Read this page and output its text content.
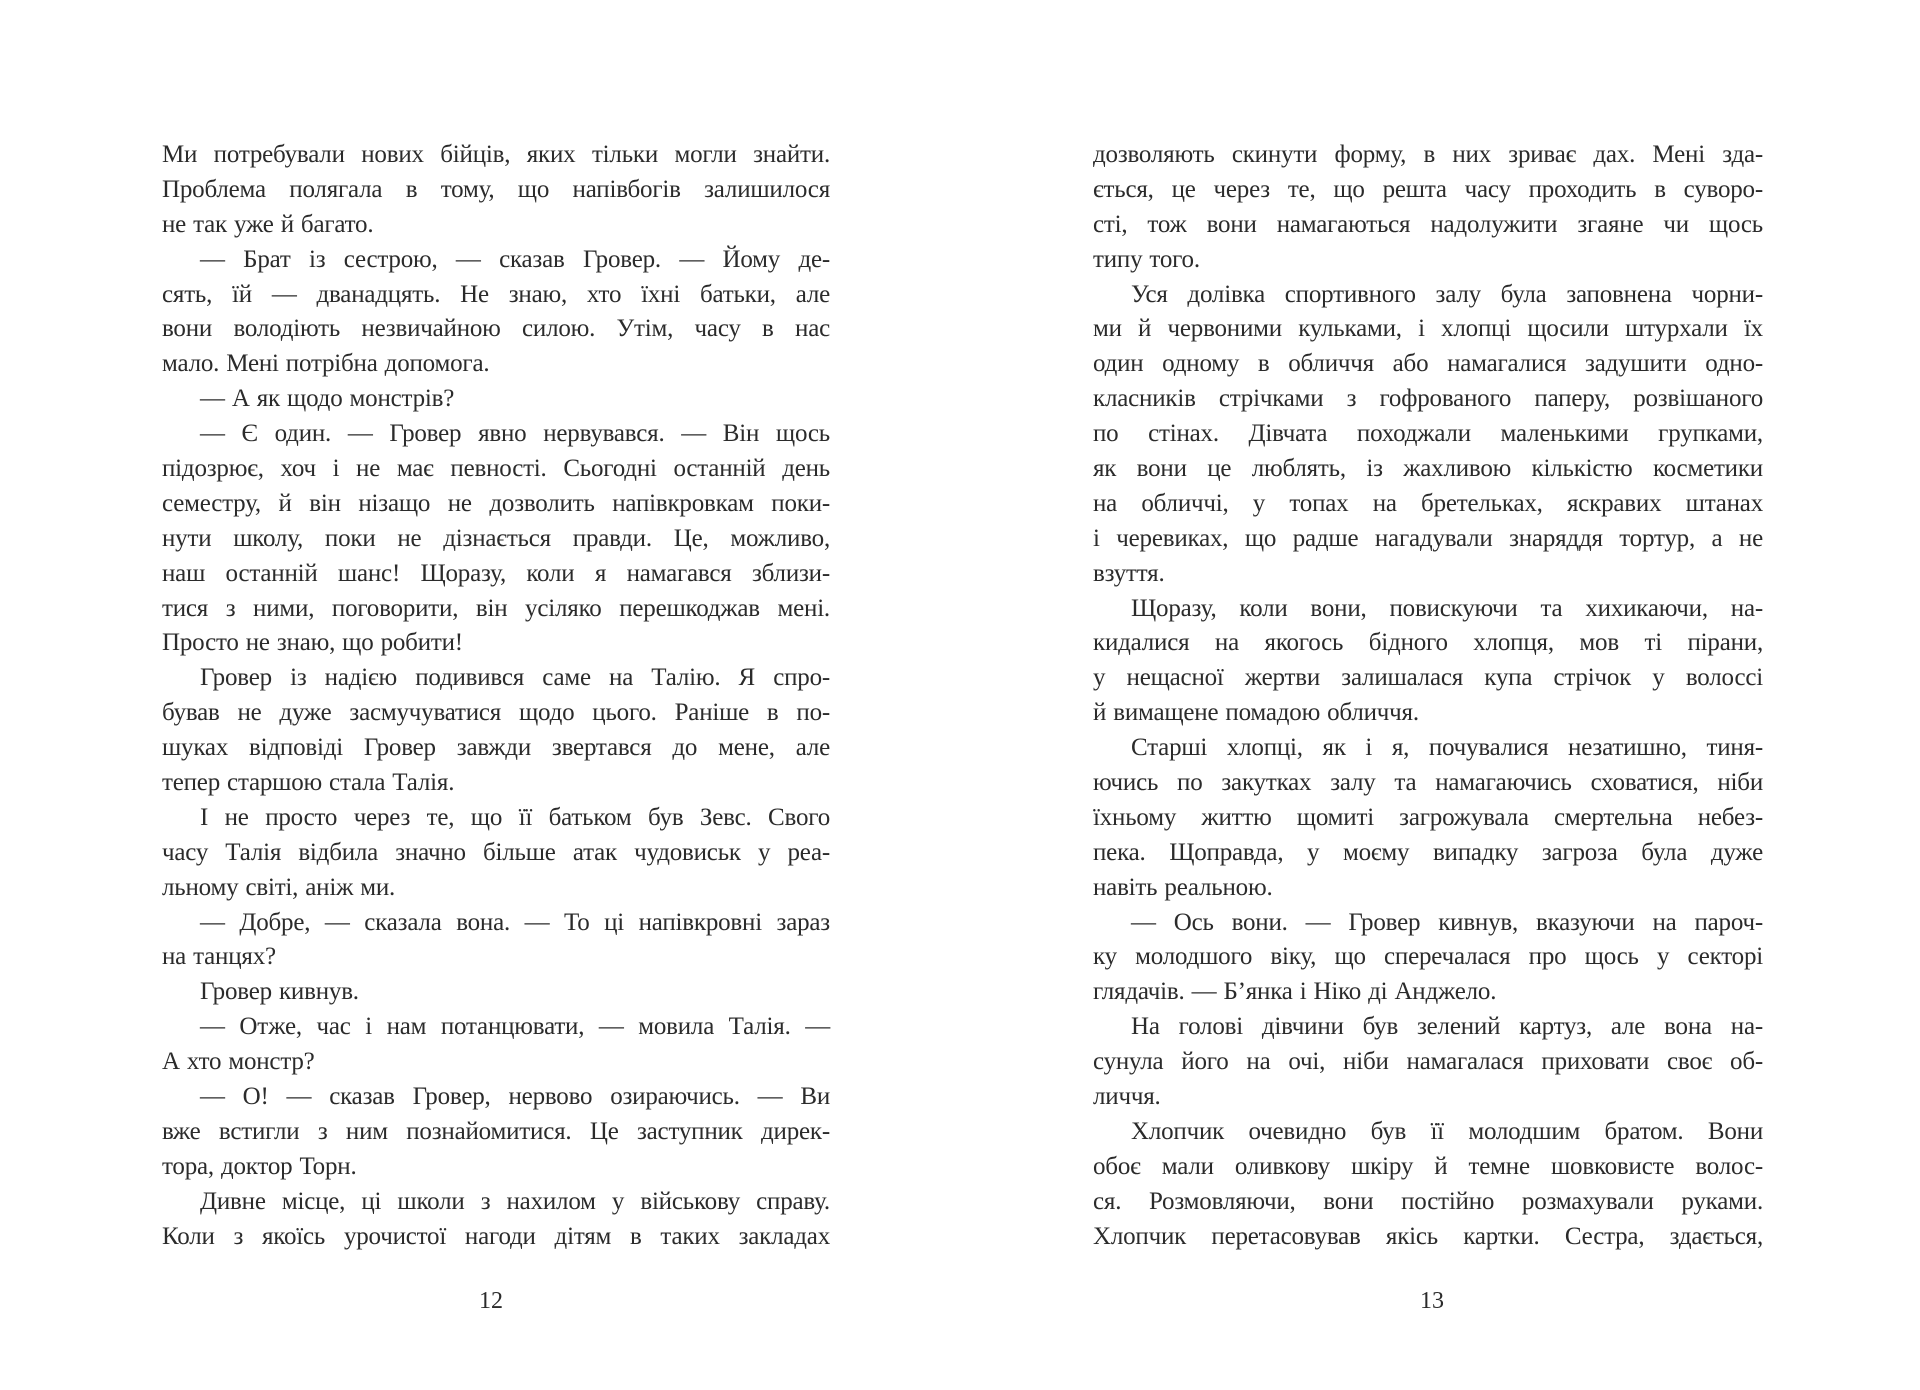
Ми потребували нових бійців, яких тільки могли знайти.
Проблема полягала в тому, що напівбогів залишилося
не так уже й багато.
— Брат із сестрою, — сказав Гровер. — Йому де-
сять, їй — дванадцять. Не знаю, хто їхні батьки, але
вони володіють незвичайною силою. Утім, часу в нас
мало. Мені потрібна допомога.
— А як щодо монстрів?
— Є один. — Гровер явно нервувався. — Він щось
підозрює, хоч і не має певності. Сьогодні останній день
семестру, й він нізащо не дозволить напівкровкам поки-
нути школу, поки не дізнається правди. Це, можливо,
наш останній шанс! Щоразу, коли я намагався зблизи-
тися з ними, поговорити, він усіляко перешкоджав мені.
Просто не знаю, що робити!
Гровер із надією подивився саме на Талію. Я спро-
бував не дуже засмучуватися щодо цього. Раніше в по-
шуках відповіді Гровер завжди звертався до мене, але
тепер старшою стала Талія.
І не просто через те, що її батьком був Зевс. Свого
часу Талія відбила значно більше атак чудовиськ у реа-
льному світі, аніж ми.
— Добре, — сказала вона. — То ці напівкровні зараз
на танцях?
Гровер кивнув.
— Отже, час і нам потанцювати, — мовила Талія. —
А хто монстр?
— О! — сказав Гровер, нервово озираючись. — Ви
вже встигли з ним познайомитися. Це заступник дирек-
тора, доктор Торн.
Дивне місце, ці школи з нахилом у військову справу.
Коли з якоїсь урочистої нагоди дітям в таких закладах
12
дозволяють скинути форму, в них зриває дах. Мені зда-
ється, це через те, що решта часу проходить в суворо-
сті, тож вони намагаються надолужити згаяне чи щось
типу того.
Уся долівка спортивного залу була заповнена чорни-
ми й червоними кульками, і хлопці щосили штурхали їх
один одному в обличчя або намагалися задушити одно-
класників стрічками з гофрованого паперу, розвішаного
по стінах. Дівчата походжали маленькими групками,
як вони це люблять, із жахливою кількістю косметики
на обличчі, у топах на бретельках, яскравих штанах
і черевиках, що радше нагадували знаряддя тортур, а не
взуття.
Щоразу, коли вони, повискуючи та хихикаючи, на-
кидалися на якогось бідного хлопця, мов ті пірани,
у нещасної жертви залишалася купа стрічок у волоссі
й вимащене помадою обличчя.
Старші хлопці, як і я, почувалися незатишно, тиня-
ючись по закутках залу та намагаючись сховатися, ніби
їхньому життю щомиті загрожувала смертельна небез-
пека. Щоправда, у моєму випадку загроза була дуже
навіть реальною.
— Ось вони. — Гровер кивнув, вказуючи на пароч-
ку молодшого віку, що сперечалася про щось у секторі
глядачів. — Б’янка і Ніко ді Анджело.
На голові дівчини був зелений картуз, але вона на-
сунула його на очі, ніби намагалася приховати своє об-
личчя.
Хлопчик очевидно був її молодшим братом. Вони
обоє мали оливкову шкіру й темне шовковисте волос-
ся. Розмовляючи, вони постійно розмахували руками.
Хлопчик перетасовував якісь картки. Сестра, здається,
13
